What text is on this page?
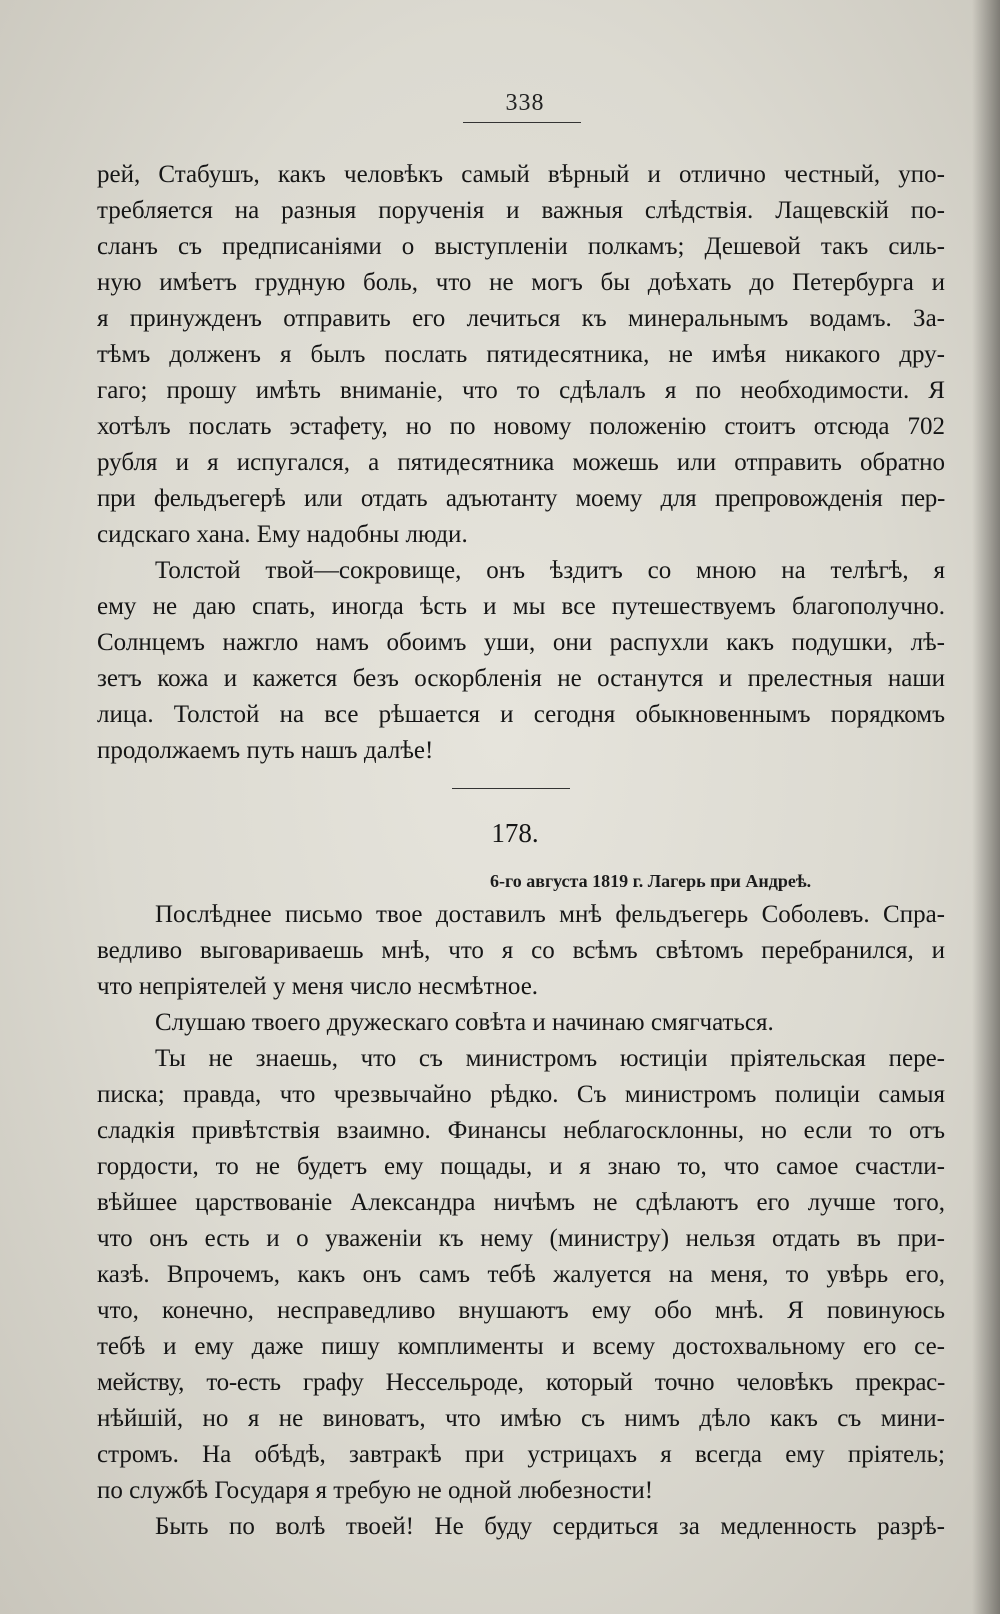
338
рей, Стабушъ, какъ человѣкъ самый вѣрный и отлично честный, упо-
требляется на разныя порученія и важныя слѣдствія. Лащевскій по-
сланъ съ предписаніями о выступленіи полкамъ; Дешевой такъ силь-
ную имѣетъ грудную боль, что не могъ бы доѣхать до Петербурга и
я принужденъ отправить его лечиться къ минеральнымъ водамъ. За-
тѣмъ долженъ я былъ послать пятидесятника, не имѣя никакого дру-
гаго; прошу имѣть вниманіе, что то сдѣлалъ я по необходимости. Я
хотѣлъ послать эстафету, но по новому положенію стоитъ отсюда 702
рубля и я испугался, а пятидесятника можешь или отправить обратно
при фельдъегерѣ или отдать адъютанту моему для препровожденія пер-
сидскаго хана. Ему надобны люди.
Толстой твой—сокровище, онъ ѣздитъ со мною на телѣгѣ, я
ему не даю спать, иногда ѣсть и мы все путешествуемъ благополучно.
Солнцемъ нажгло намъ обоимъ уши, они распухли какъ подушки, лѣ-
зетъ кожа и кажется безъ оскорбленія не останутся и прелестныя наши
лица. Толстой на все рѣшается и сегодня обыкновеннымъ порядкомъ
продолжаемъ путь нашъ далѣе!
178.
6-го августа 1819 г. Лагерь при Андреѣ.
Послѣднее письмо твое доставилъ мнѣ фельдъегерь Соболевъ. Спра-
ведливо выговариваешь мнѣ, что я со всѣмъ свѣтомъ перебранился, и
что непріятелей у меня число несмѣтное.
Слушаю твоего дружескаго совѣта и начинаю смягчаться.
Ты не знаешь, что съ министромъ юстиціи пріятельская пере-
писка; правда, что чрезвычайно рѣдко. Съ министромъ полиціи самыя
сладкія привѣтствія взаимно. Финансы неблагосклонны, но если то отъ
гордости, то не будетъ ему пощады, и я знаю то, что самое счастли-
вѣйшее царствованіе Александра ничѣмъ не сдѣлаютъ его лучше того,
что онъ есть и о уваженіи къ нему (министру) нельзя отдать въ при-
казѣ. Впрочемъ, какъ онъ самъ тебѣ жалуется на меня, то увѣрь его,
что, конечно, несправедливо внушаютъ ему обо мнѣ. Я повинуюсь
тебѣ и ему даже пишу комплименты и всему достохвальному его се-
мейству, то-есть графу Нессельроде, который точно человѣкъ прекрас-
нѣйшій, но я не виноватъ, что имѣю съ нимъ дѣло какъ съ мини-
стромъ. На обѣдѣ, завтракѣ при устрицахъ я всегда ему пріятель;
по службѣ Государя я требую не одной любезности!
Быть по волѣ твоей! Не буду сердиться за медленность разрѣ-
